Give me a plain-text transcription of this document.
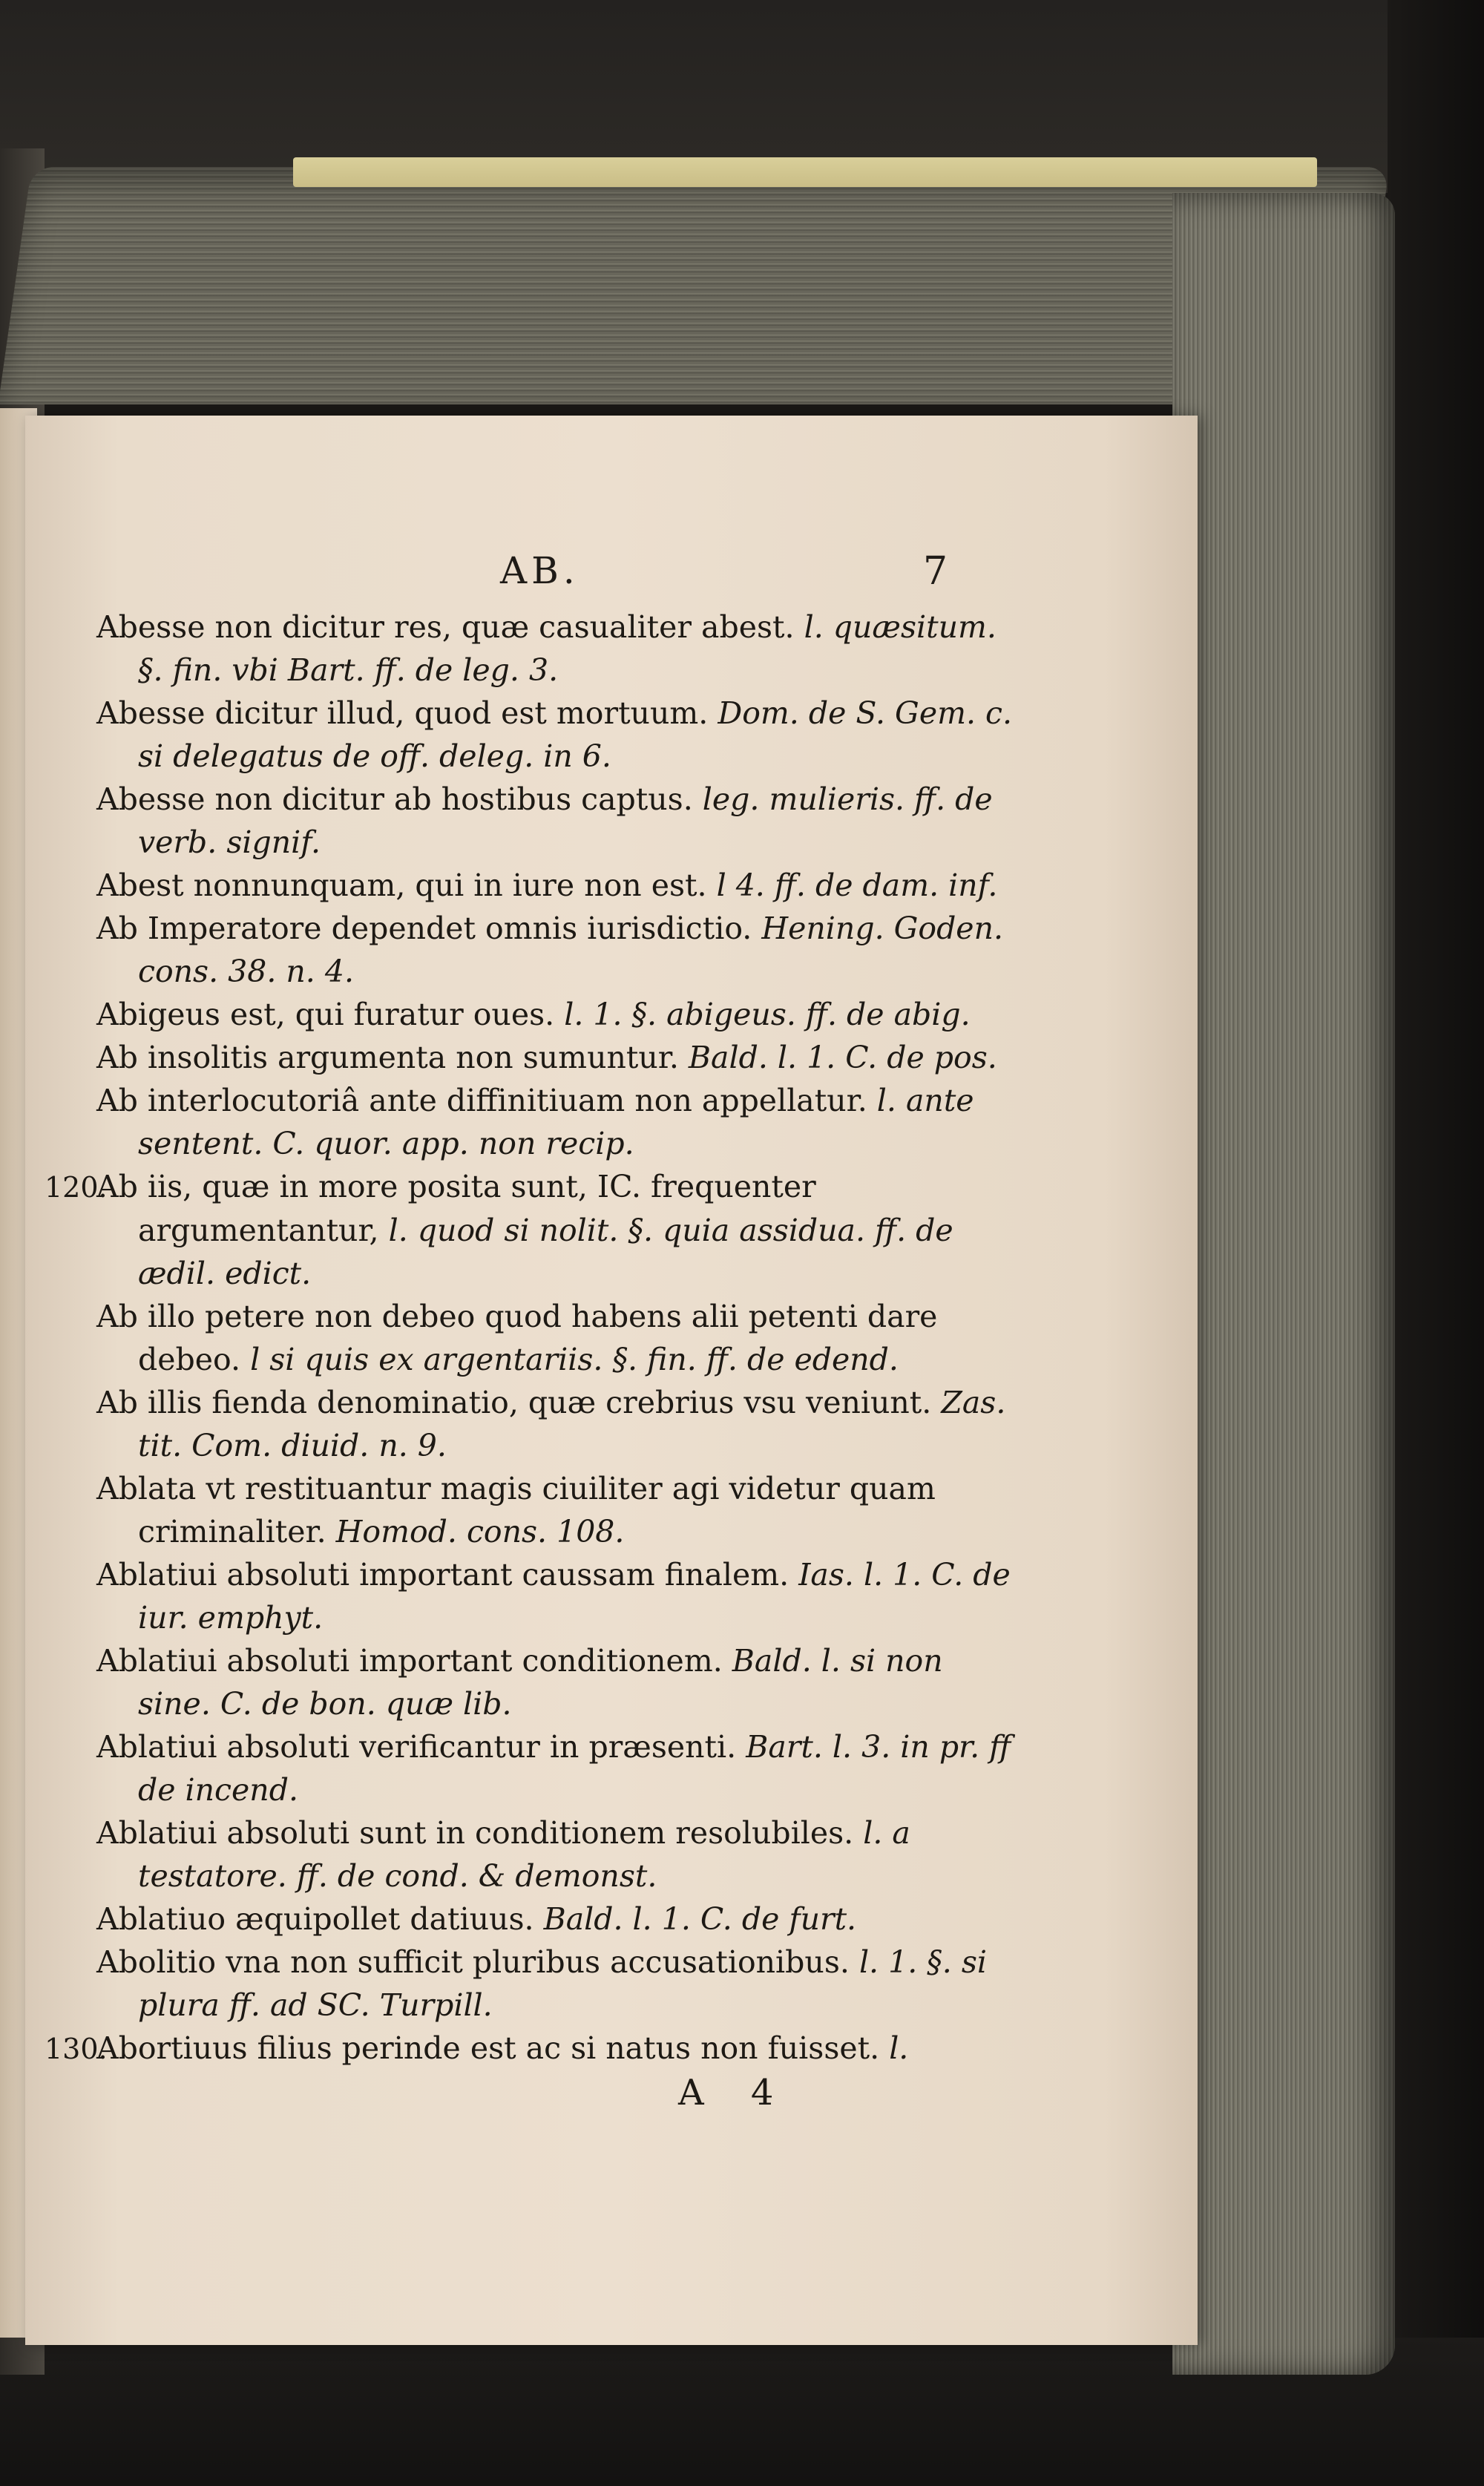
AB.	7

Abesse non dicitur res, quæ casualiter abest. l. quæsitum. §. fin. vbi Bart. ff. de leg. 3.

Abesse dicitur illud, quod est mortuum. Dom. de S. Gem. c. si delegatus de off. deleg. in 6.

Abesse non dicitur ab hostibus captus. leg. mulieris. ff. de verb. signif.

Abest nonnunquam, qui in iure non est. l 4. ff. de dam. inf.

Ab Imperatore dependet omnis iurisdictio. Hening. Goden. cons. 38. n. 4.

Abigeus est, qui furatur oues. l. 1. §. abigeus. ff. de abig.

Ab insolitis argumenta non sumuntur. Bald. l. 1. C. de pos.

Ab interlocutoriâ ante diffinitiuam non appellatur. l. ante sentent. C. quor. app. non recip.

120.Ab iis, quæ in more posita sunt, IC. frequenter argumentantur, l. quod si nolit. §. quia assidua. ff. de ædil. edict.

Ab illo petere non debeo quod habens alii petenti dare debeo. l si quis ex argentariis. §. fin. ff. de edend.

Ab illis fienda denominatio, quæ crebrius vsu veniunt. Zas. tit. Com. diuid. n. 9.

Ablata vt restituantur magis ciuiliter agi videtur quam criminaliter. Homod. cons. 108.

Ablatiui absoluti important caussam finalem. Ias. l. 1. C. de iur. emphyt.

Ablatiui absoluti important conditionem. Bald. l. si non sine. C. de bon. quæ lib.

Ablatiui absoluti verificantur in præsenti. Bart. l. 3. in pr. ff de incend.

Ablatiui absoluti sunt in conditionem resolubiles. l. a testatore. ff. de cond. & demonst.

Ablatiuo æquipollet datiuus. Bald. l. 1. C. de furt.

Abolitio vna non sufficit pluribus accusationibus. l. 1. §. si plura ff. ad SC. Turpill.

130.Abortiuus filius perinde est ac si natus non fuisset. l.

A 4
